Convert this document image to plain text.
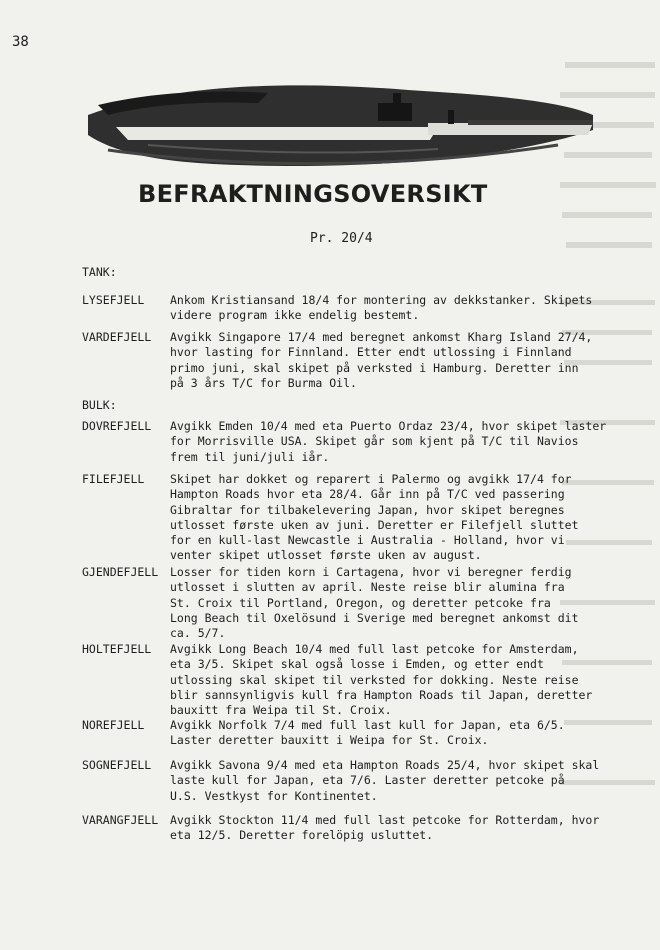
38
BEFRAKTNINGSOVERSIKT
Pr. 20/4
TANK:
LYSEFJELL Ankom Kristiansand 18/4 for montering av dekkstanker. Skipets
videre program ikke endelig bestemt.
VARDEFJELL Avgikk Singapore 17/4 med beregnet ankomst Kharg Island 27/4,
hvor lasting for Finnland. Etter endt utlossing i Finnland
primo juni, skal skipet på verksted i Hamburg. Deretter inn
på 3 års T/C for Burma Oil.
BULK:
DOVREFJELL Avgikk Emden 10/4 med eta Puerto Ordaz 23/4, hvor skipet laster
for Morrisville USA. Skipet går som kjent på T/C til Navios
frem til juni/juli iår.
FILEFJELL Skipet har dokket og reparert i Palermo og avgikk 17/4 for
Hampton Roads hvor eta 28/4. Går inn på T/C ved passering
Gibraltar for tilbakelevering Japan, hvor skipet beregnes
utlosset første uken av juni. Deretter er Filefjell sluttet
for en kull-last Newcastle i Australia - Holland, hvor vi
venter skipet utlosset første uken av august.
GJENDEFJELL Losser for tiden korn i Cartagena, hvor vi beregner ferdig
utlosset i slutten av april. Neste reise blir alumina fra
St. Croix til Portland, Oregon, og deretter petcoke fra
Long Beach til Oxelösund i Sverige med beregnet ankomst dit
ca. 5/7.
HOLTEFJELL Avgikk Long Beach 10/4 med full last petcoke for Amsterdam,
eta 3/5. Skipet skal også losse i Emden, og etter endt
utlossing skal skipet til verksted for dokking. Neste reise
blir sannsynligvis kull fra Hampton Roads til Japan, deretter
bauxitt fra Weipa til St. Croix.
NOREFJELL Avgikk Norfolk 7/4 med full last kull for Japan, eta 6/5.
Laster deretter bauxitt i Weipa for St. Croix.
SOGNEFJELL Avgikk Savona 9/4 med eta Hampton Roads 25/4, hvor skipet skal
laste kull for Japan, eta 7/6. Laster deretter petcoke på
U.S. Vestkyst for Kontinentet.
VARANGFJELL Avgikk Stockton 11/4 med full last petcoke for Rotterdam, hvor
eta 12/5. Deretter forelöpig usluttet.
